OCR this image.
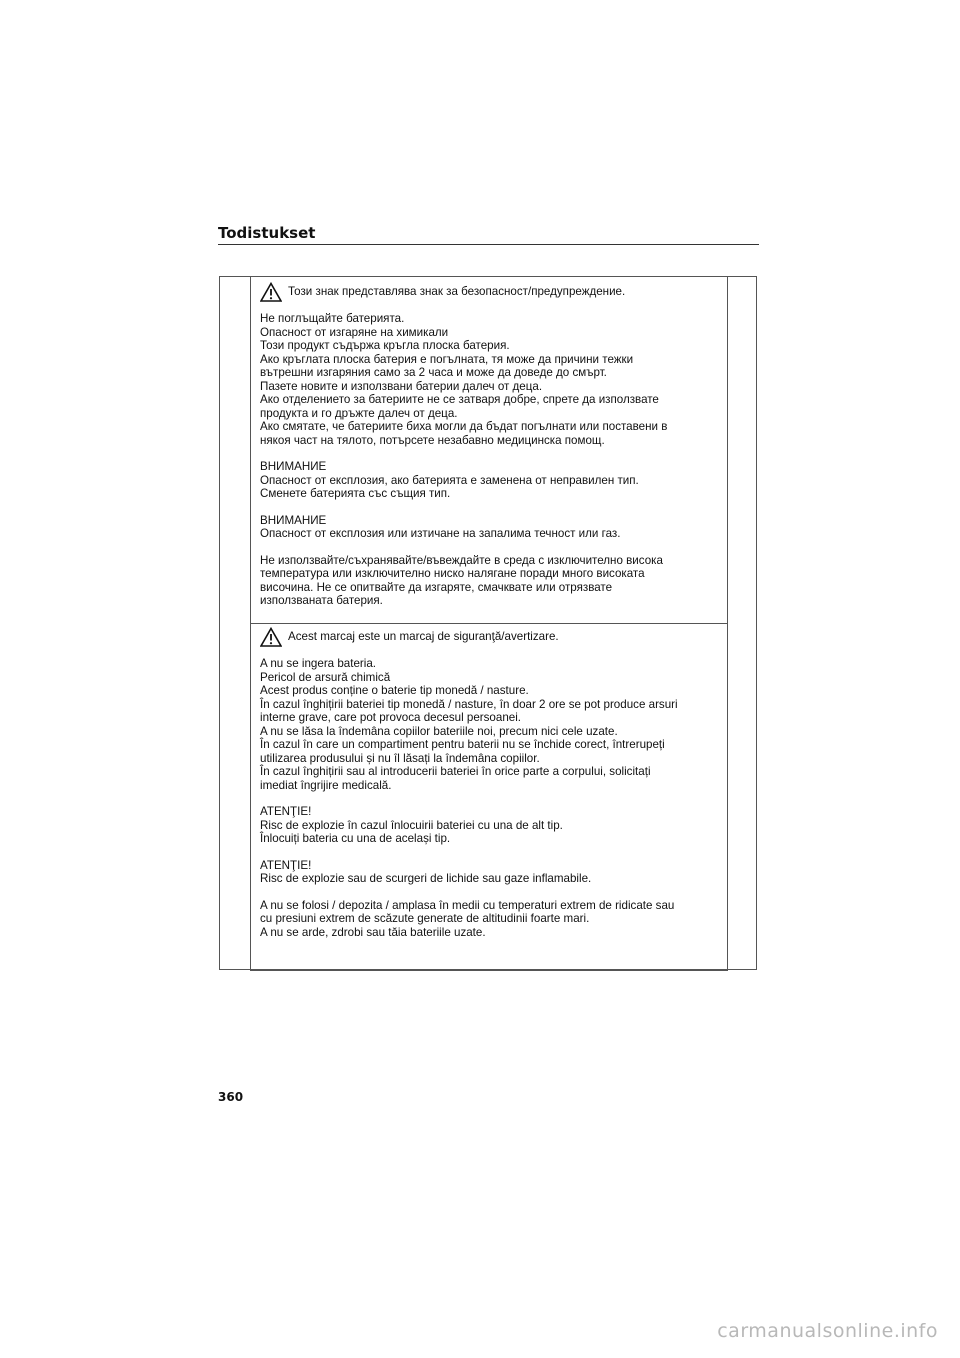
Todistukset
Този знак представлява знак за безопасност/предупреждение.

Не поглъщайте батерията.
Опасност от изгаряне на химикали
Този продукт съдържа кръгла плоска батерия.
Ако кръглата плоска батерия е погълната, тя може да причини тежки
вътрешни изгаряния само за 2 часа и може да доведе до смърт.
Пазете новите и използвани батерии далеч от деца.
Ако отделението за батериите не се затваря добре, спрете да използвате
продукта и го дръжте далеч от деца.
Ако смятате, че батериите биха могли да бъдат погълнати или поставени в
някоя част на тялото, потърсете незабавно медицинска помощ.

ВНИМАНИЕ
Опасност от експлозия, ако батерията е заменена от неправилен тип.
Сменете батерията със същия тип.

ВНИМАНИЕ
Опасност от експлозия или изтичане на запалима течност или газ.

Не използвайте/съхранявайте/въвеждайте в среда с изключително висока
температура или изключително ниско налягане поради много високата
височина. Не се опитвайте да изгаряте, смачквате или отрязвате
използваната батерия.

Acest marcaj este un marcaj de siguranţă/avertizare.

A nu se ingera bateria.
Pericol de arsură chimică
Acest produs conține o baterie tip monedă / nasture.
În cazul înghițirii bateriei tip monedă / nasture, în doar 2 ore se pot produce arsuri
interne grave, care pot provoca decesul persoanei.
A nu se lăsa la îndemâna copiilor bateriile noi, precum nici cele uzate.
În cazul în care un compartiment pentru baterii nu se închide corect, întrerupeți
utilizarea produsului și nu îl lăsați la îndemâna copiilor.
În cazul înghițirii sau al introducerii bateriei în orice parte a corpului, solicitați
imediat îngrijire medicală.

ATENŢIE!
Risc de explozie în cazul înlocuirii bateriei cu una de alt tip.
Înlocuiți bateria cu una de același tip.

ATENŢIE!
Risc de explozie sau de scurgeri de lichide sau gaze inflamabile.

A nu se folosi / depozita / amplasa în medii cu temperaturi extrem de ridicate sau
cu presiuni extrem de scăzute generate de altitudinii foarte mari.
A nu se arde, zdrobi sau tăia bateriile uzate.

360
carmanualsonline.info
